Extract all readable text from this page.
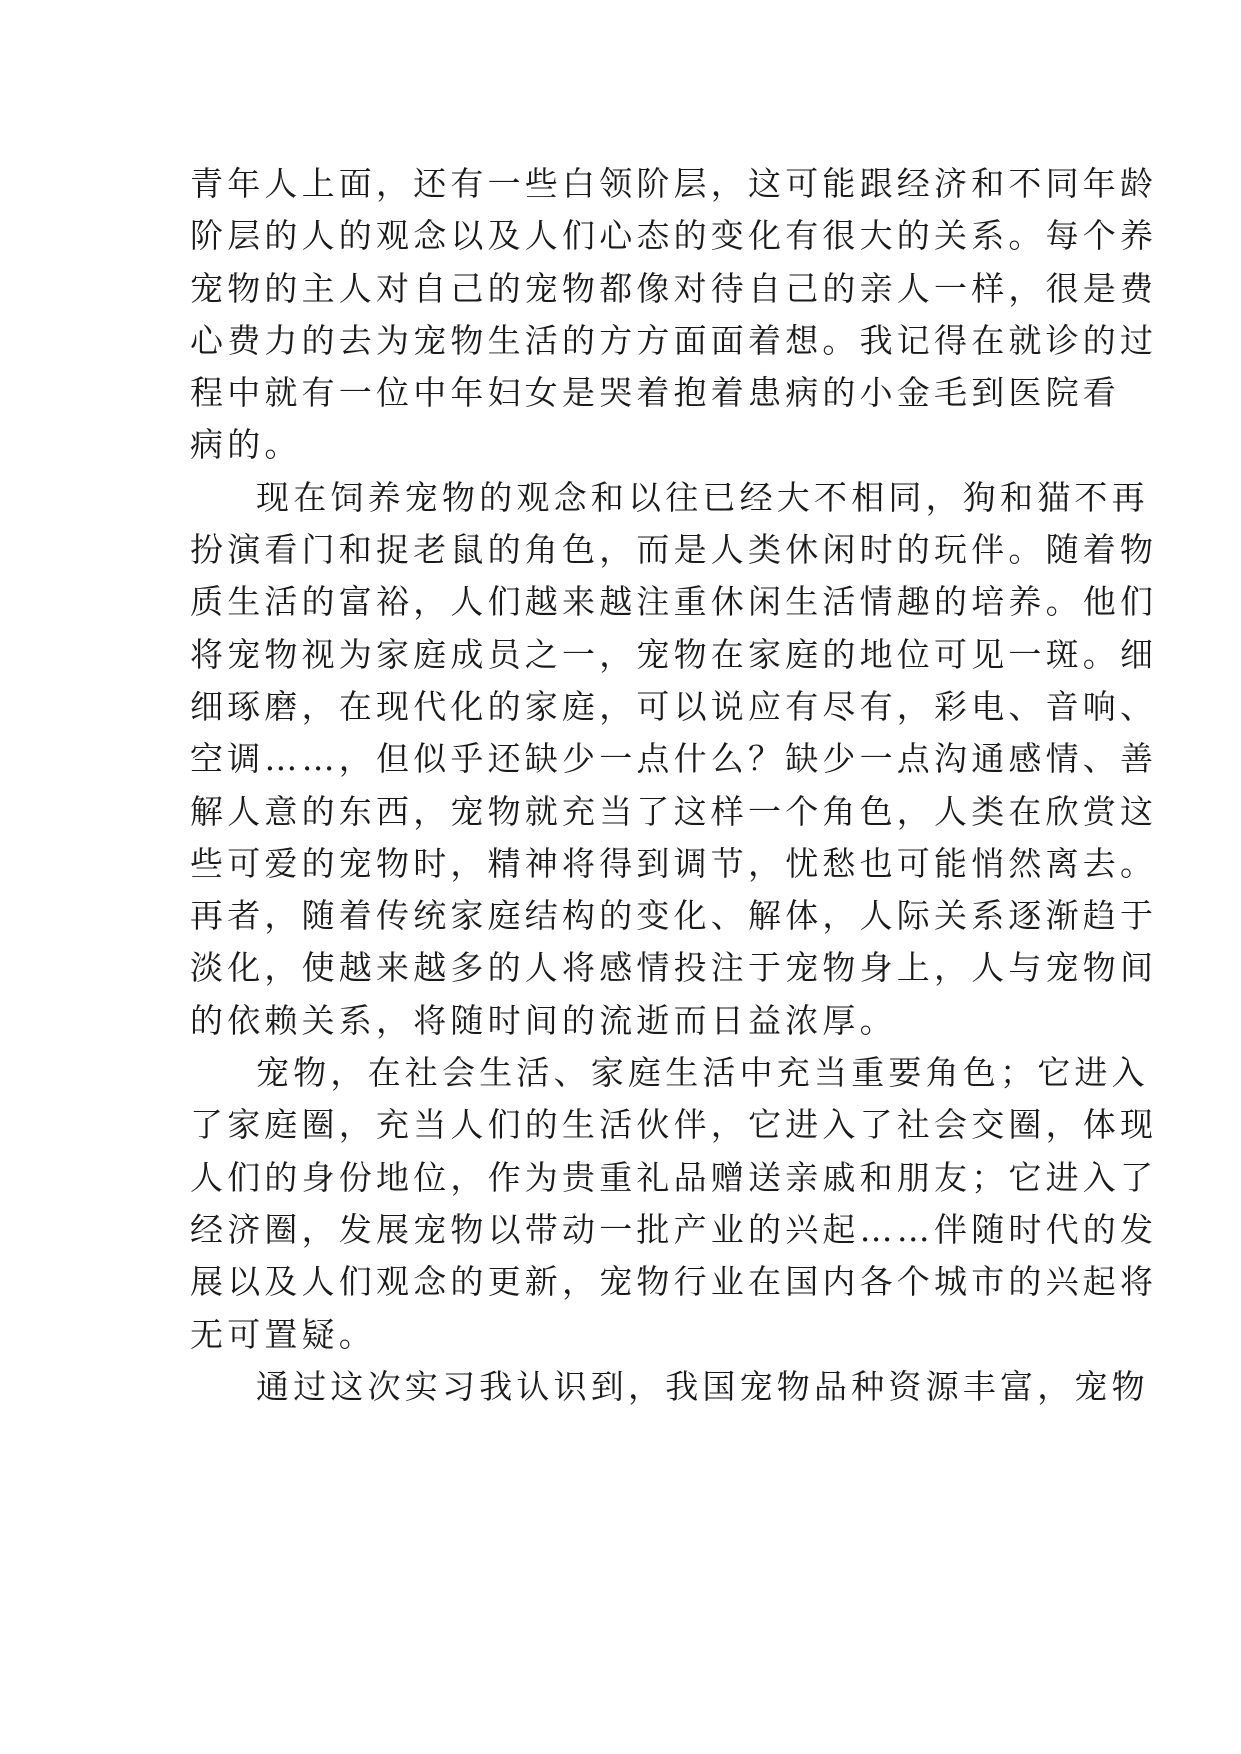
青年人上面，还有一些白领阶层，这可能跟经济和不同年龄
阶层的人的观念以及人们心态的变化有很大的关系。每个养
宠物的主人对自己的宠物都像对待自己的亲人一样，很是费
心费力的去为宠物生活的方方面面着想。我记得在就诊的过
程中就有一位中年妇女是哭着抱着患病的小金毛到医院看
病的。
现在饲养宠物的观念和以往已经大不相同，狗和猫不再
扮演看门和捉老鼠的角色，而是人类休闲时的玩伴。随着物
质生活的富裕，人们越来越注重休闲生活情趣的培养。他们
将宠物视为家庭成员之一，宠物在家庭的地位可见一斑。细
细琢磨，在现代化的家庭，可以说应有尽有，彩电、音响、
空调……，但似乎还缺少一点什么？缺少一点沟通感情、善
解人意的东西，宠物就充当了这样一个角色，人类在欣赏这
些可爱的宠物时，精神将得到调节，忧愁也可能悄然离去。
再者，随着传统家庭结构的变化、解体，人际关系逐渐趋于
淡化，使越来越多的人将感情投注于宠物身上，人与宠物间
的依赖关系，将随时间的流逝而日益浓厚。
宠物，在社会生活、家庭生活中充当重要角色；它进入
了家庭圈，充当人们的生活伙伴，它进入了社会交圈，体现
人们的身份地位，作为贵重礼品赠送亲戚和朋友；它进入了
经济圈，发展宠物以带动一批产业的兴起……伴随时代的发
展以及人们观念的更新，宠物行业在国内各个城市的兴起将
无可置疑。
通过这次实习我认识到，我国宠物品种资源丰富，宠物
